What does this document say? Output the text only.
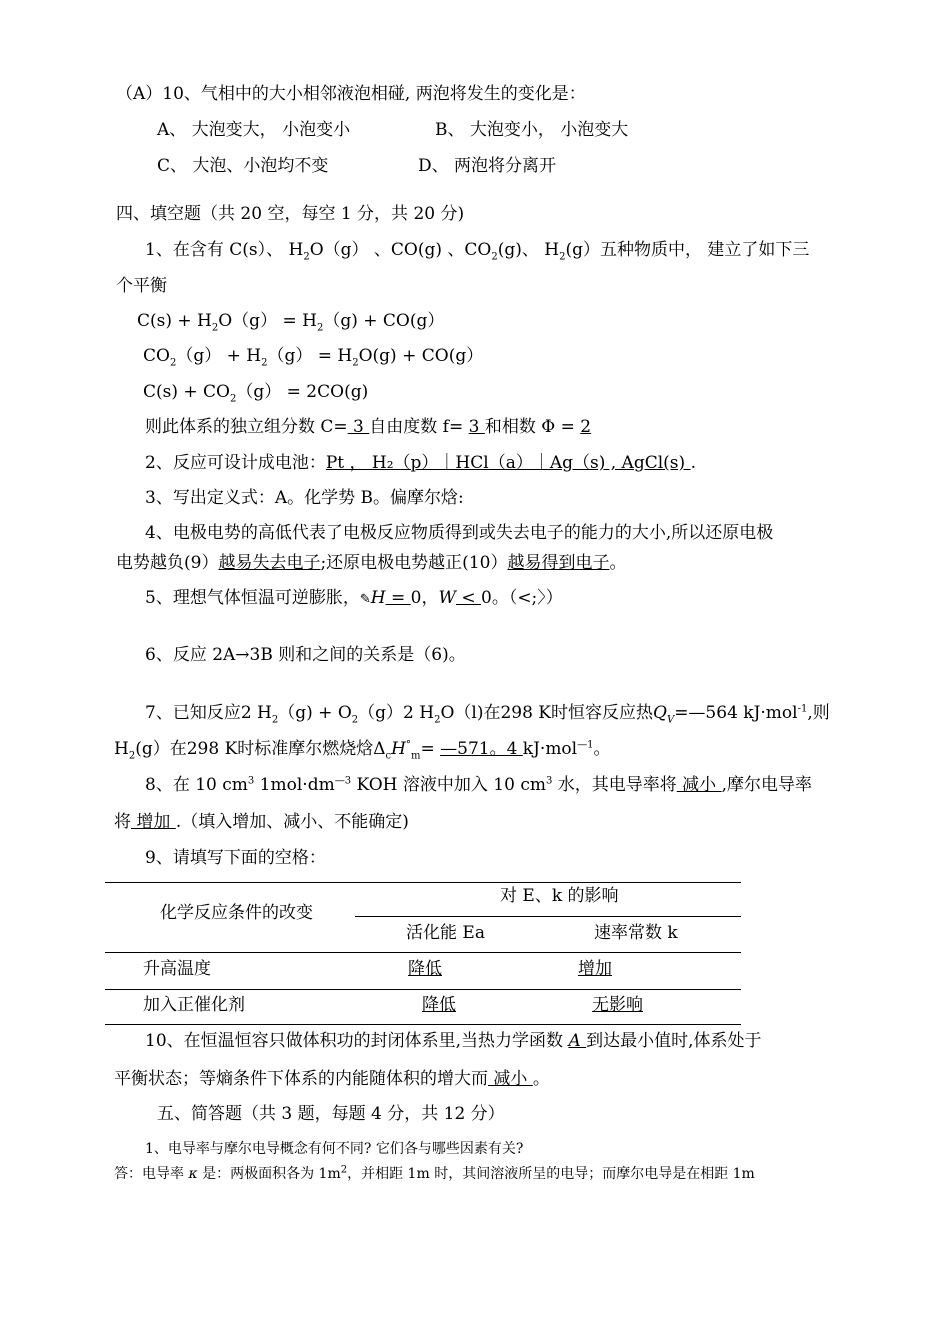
（A）10、气相中的大小相邻液泡相碰, 两泡将发生的变化是：
A、 大泡变大， 小泡变小	B、 大泡变小， 小泡变大
C、 大泡、小泡均不变	D、 两泡将分离开
四、填空题（共 20 空，每空 1 分，共 20 分)
1、在含有 C(s）、 $H_2O(g)$ 、CO(g) 、$CO_2(g)$、 $H_2(g)$五种物质中， 建立了如下三
个平衡
$C(s) + H_2O(g) = H_2(g) + CO(g)$
$CO_2(g) + H_2(g) = H_2O(g) + CO(g)$
$C(s) + CO_2(g) = 2CO(g)$
则此体系的独立组分数 C= 3 自由度数 f= 3 和相数 Φ = 2
2、反应可设计成电池：Pt ， H₂（p）｜HCl（a）｜Ag（s) , AgCl(s) .
3、写出定义式：A。化学势 B。偏摩尔焓:
4、电极电势的高低代表了电极反应物质得到或失去电子的能力的大小,所以还原电极
电势越负(9）越易失去电子;还原电极电势越正(10）越易得到电子。
5、理想气体恒温可逆膨胀，✎H = 0，W < 0。（<;〉）
6、反应 2A→3B 则和之间的关系是（6)。
7、已知反应2 $H_2(g) + O_2(g)2$ $H_2O(l)$在298 K时恒容反应热$Q_V=—564$ kJ·mol$^{-1}$,则
$H_2(g)$在298 K时标准摩尔燃烧焓$\Delta_cH^\circ_m=$ —571。4 kJ·mol$^{—1}$。
8、在 10 $cm^3$ $1mol\cdot dm^{—3}$ KOH 溶液中加入 10 $cm^3$ 水，其电导率将 减小 ,摩尔电导率
将 增加 .（填入增加、减小、不能确定)
9、请填写下面的空格：
化学反应条件的改变
对 E、k 的影响
活化能 Ea	速率常数 k
升高温度	降低	增加
加入正催化剂	降低	无影响
10、在恒温恒容只做体积功的封闭体系里,当热力学函数 A 到达最小值时,体系处于
平衡状态；等熵条件下体系的内能随体积的增大而 减小 。
五、简答题（共 3 题，每题 4 分，共 12 分）
1、电导率与摩尔电导概念有何不同? 它们各与哪些因素有关?
答：电导率 κ 是：两极面积各为 $1m^2$，并相距 1m 时，其间溶液所呈的电导；而摩尔电导是在相距 1m
